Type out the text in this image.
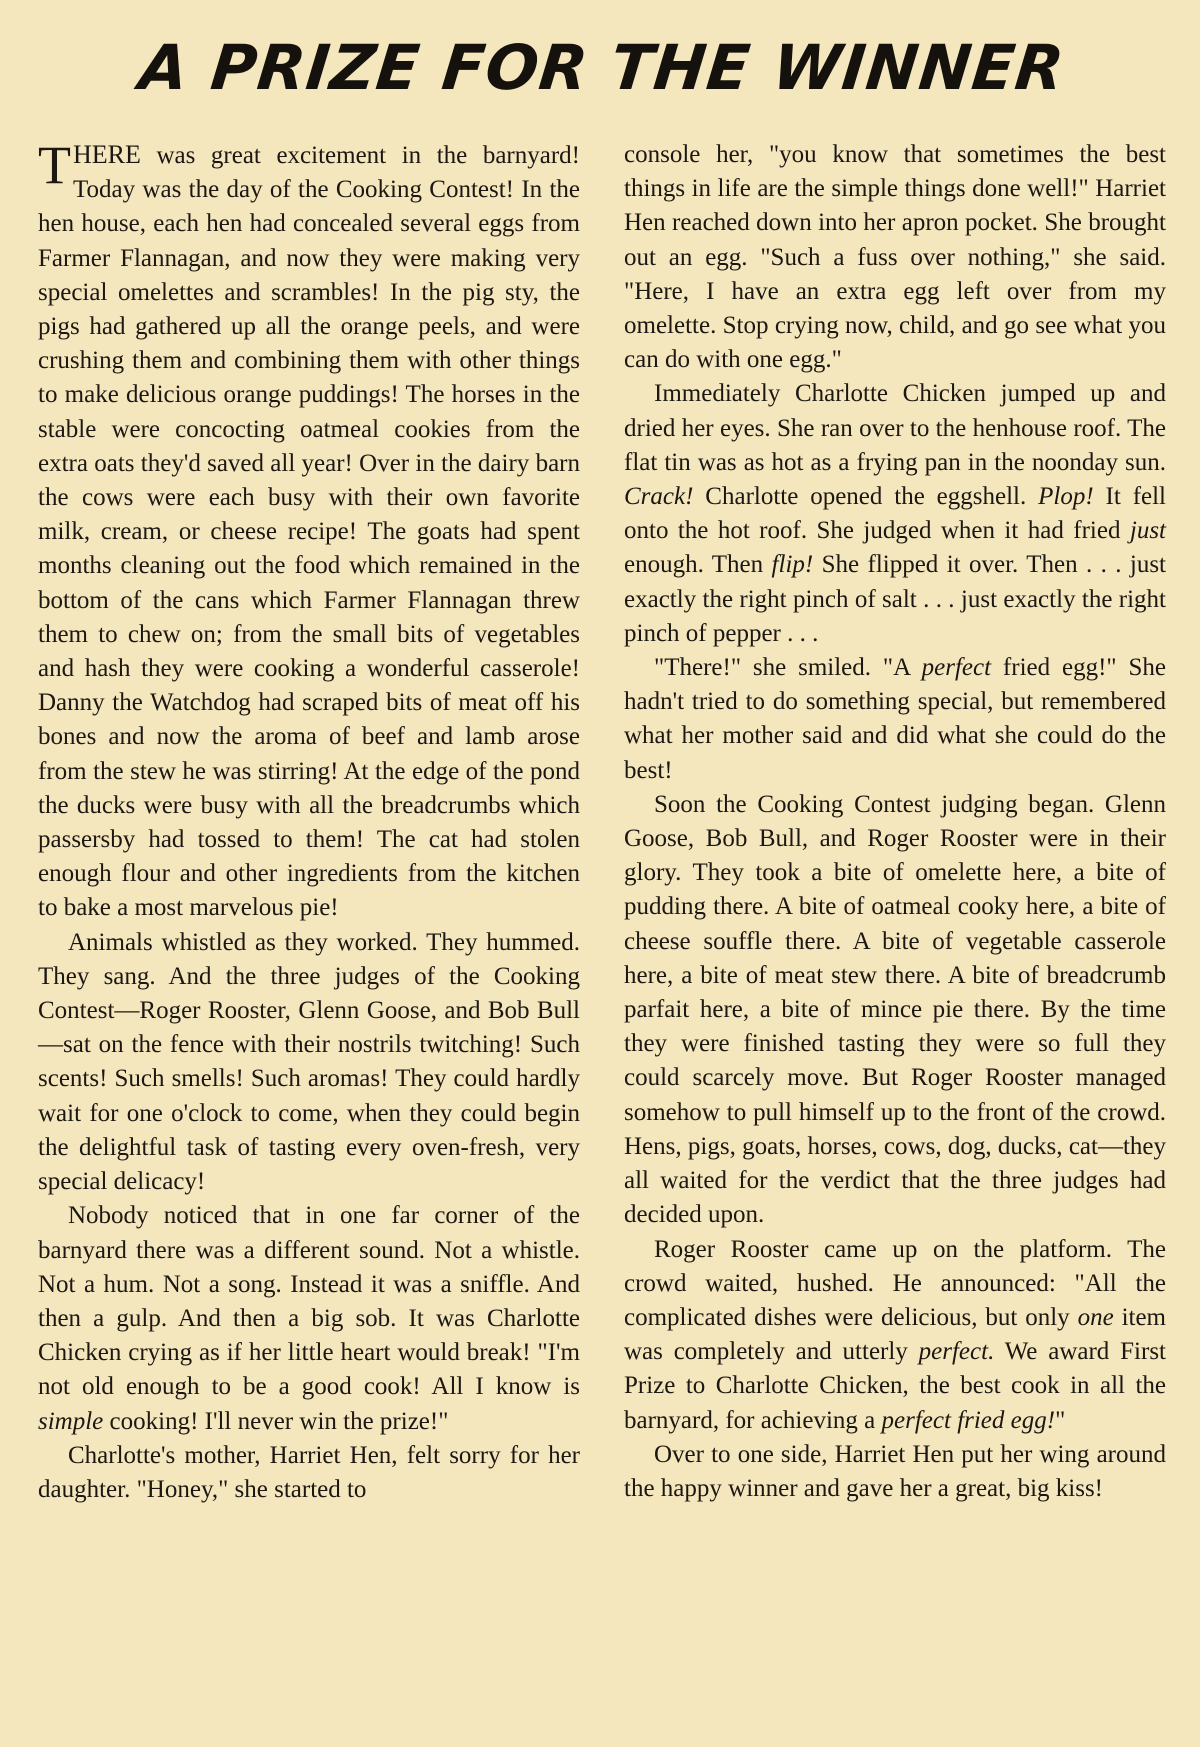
A PRIZE FOR THE WINNER

THERE was great excitement in the barnyard! Today was the day of the Cooking Contest! In the hen house, each hen had concealed several eggs from Farmer Flannagan, and now they were making very special omelettes and scrambles! In the pig sty, the pigs had gathered up all the orange peels, and were crushing them and combining them with other things to make delicious orange puddings! The horses in the stable were concocting oatmeal cookies from the extra oats they'd saved all year! Over in the dairy barn the cows were each busy with their own favorite milk, cream, or cheese recipe! The goats had spent months cleaning out the food which remained in the bottom of the cans which Farmer Flannagan threw them to chew on; from the small bits of vegetables and hash they were cooking a wonderful casserole! Danny the Watchdog had scraped bits of meat off his bones and now the aroma of beef and lamb arose from the stew he was stirring! At the edge of the pond the ducks were busy with all the breadcrumbs which passersby had tossed to them! The cat had stolen enough flour and other ingredients from the kitchen to bake a most marvelous pie!

Animals whistled as they worked. They hummed. They sang. And the three judges of the Cooking Contest—Roger Rooster, Glenn Goose, and Bob Bull—sat on the fence with their nostrils twitching! Such scents! Such smells! Such aromas! They could hardly wait for one o'clock to come, when they could begin the delightful task of tasting every oven-fresh, very special delicacy!

Nobody noticed that in one far corner of the barnyard there was a different sound. Not a whistle. Not a hum. Not a song. Instead it was a sniffle. And then a gulp. And then a big sob. It was Charlotte Chicken crying as if her little heart would break! "I'm not old enough to be a good cook! All I know is simple cooking! I'll never win the prize!"

Charlotte's mother, Harriet Hen, felt sorry for her daughter. "Honey," she started to

console her, "you know that sometimes the best things in life are the simple things done well!" Harriet Hen reached down into her apron pocket. She brought out an egg. "Such a fuss over nothing," she said. "Here, I have an extra egg left over from my omelette. Stop crying now, child, and go see what you can do with one egg."

Immediately Charlotte Chicken jumped up and dried her eyes. She ran over to the henhouse roof. The flat tin was as hot as a frying pan in the noonday sun. Crack! Charlotte opened the eggshell. Plop! It fell onto the hot roof. She judged when it had fried just enough. Then flip! She flipped it over. Then . . . just exactly the right pinch of salt . . . just exactly the right pinch of pepper . . .

"There!" she smiled. "A perfect fried egg!" She hadn't tried to do something special, but remembered what her mother said and did what she could do the best!

Soon the Cooking Contest judging began. Glenn Goose, Bob Bull, and Roger Rooster were in their glory. They took a bite of omelette here, a bite of pudding there. A bite of oatmeal cooky here, a bite of cheese souffle there. A bite of vegetable casserole here, a bite of meat stew there. A bite of breadcrumb parfait here, a bite of mince pie there. By the time they were finished tasting they were so full they could scarcely move. But Roger Rooster managed somehow to pull himself up to the front of the crowd. Hens, pigs, goats, horses, cows, dog, ducks, cat—they all waited for the verdict that the three judges had decided upon.

Roger Rooster came up on the platform. The crowd waited, hushed. He announced: "All the complicated dishes were delicious, but only one item was completely and utterly perfect. We award First Prize to Charlotte Chicken, the best cook in all the barnyard, for achieving a perfect fried egg!"

Over to one side, Harriet Hen put her wing around the happy winner and gave her a great, big kiss!
